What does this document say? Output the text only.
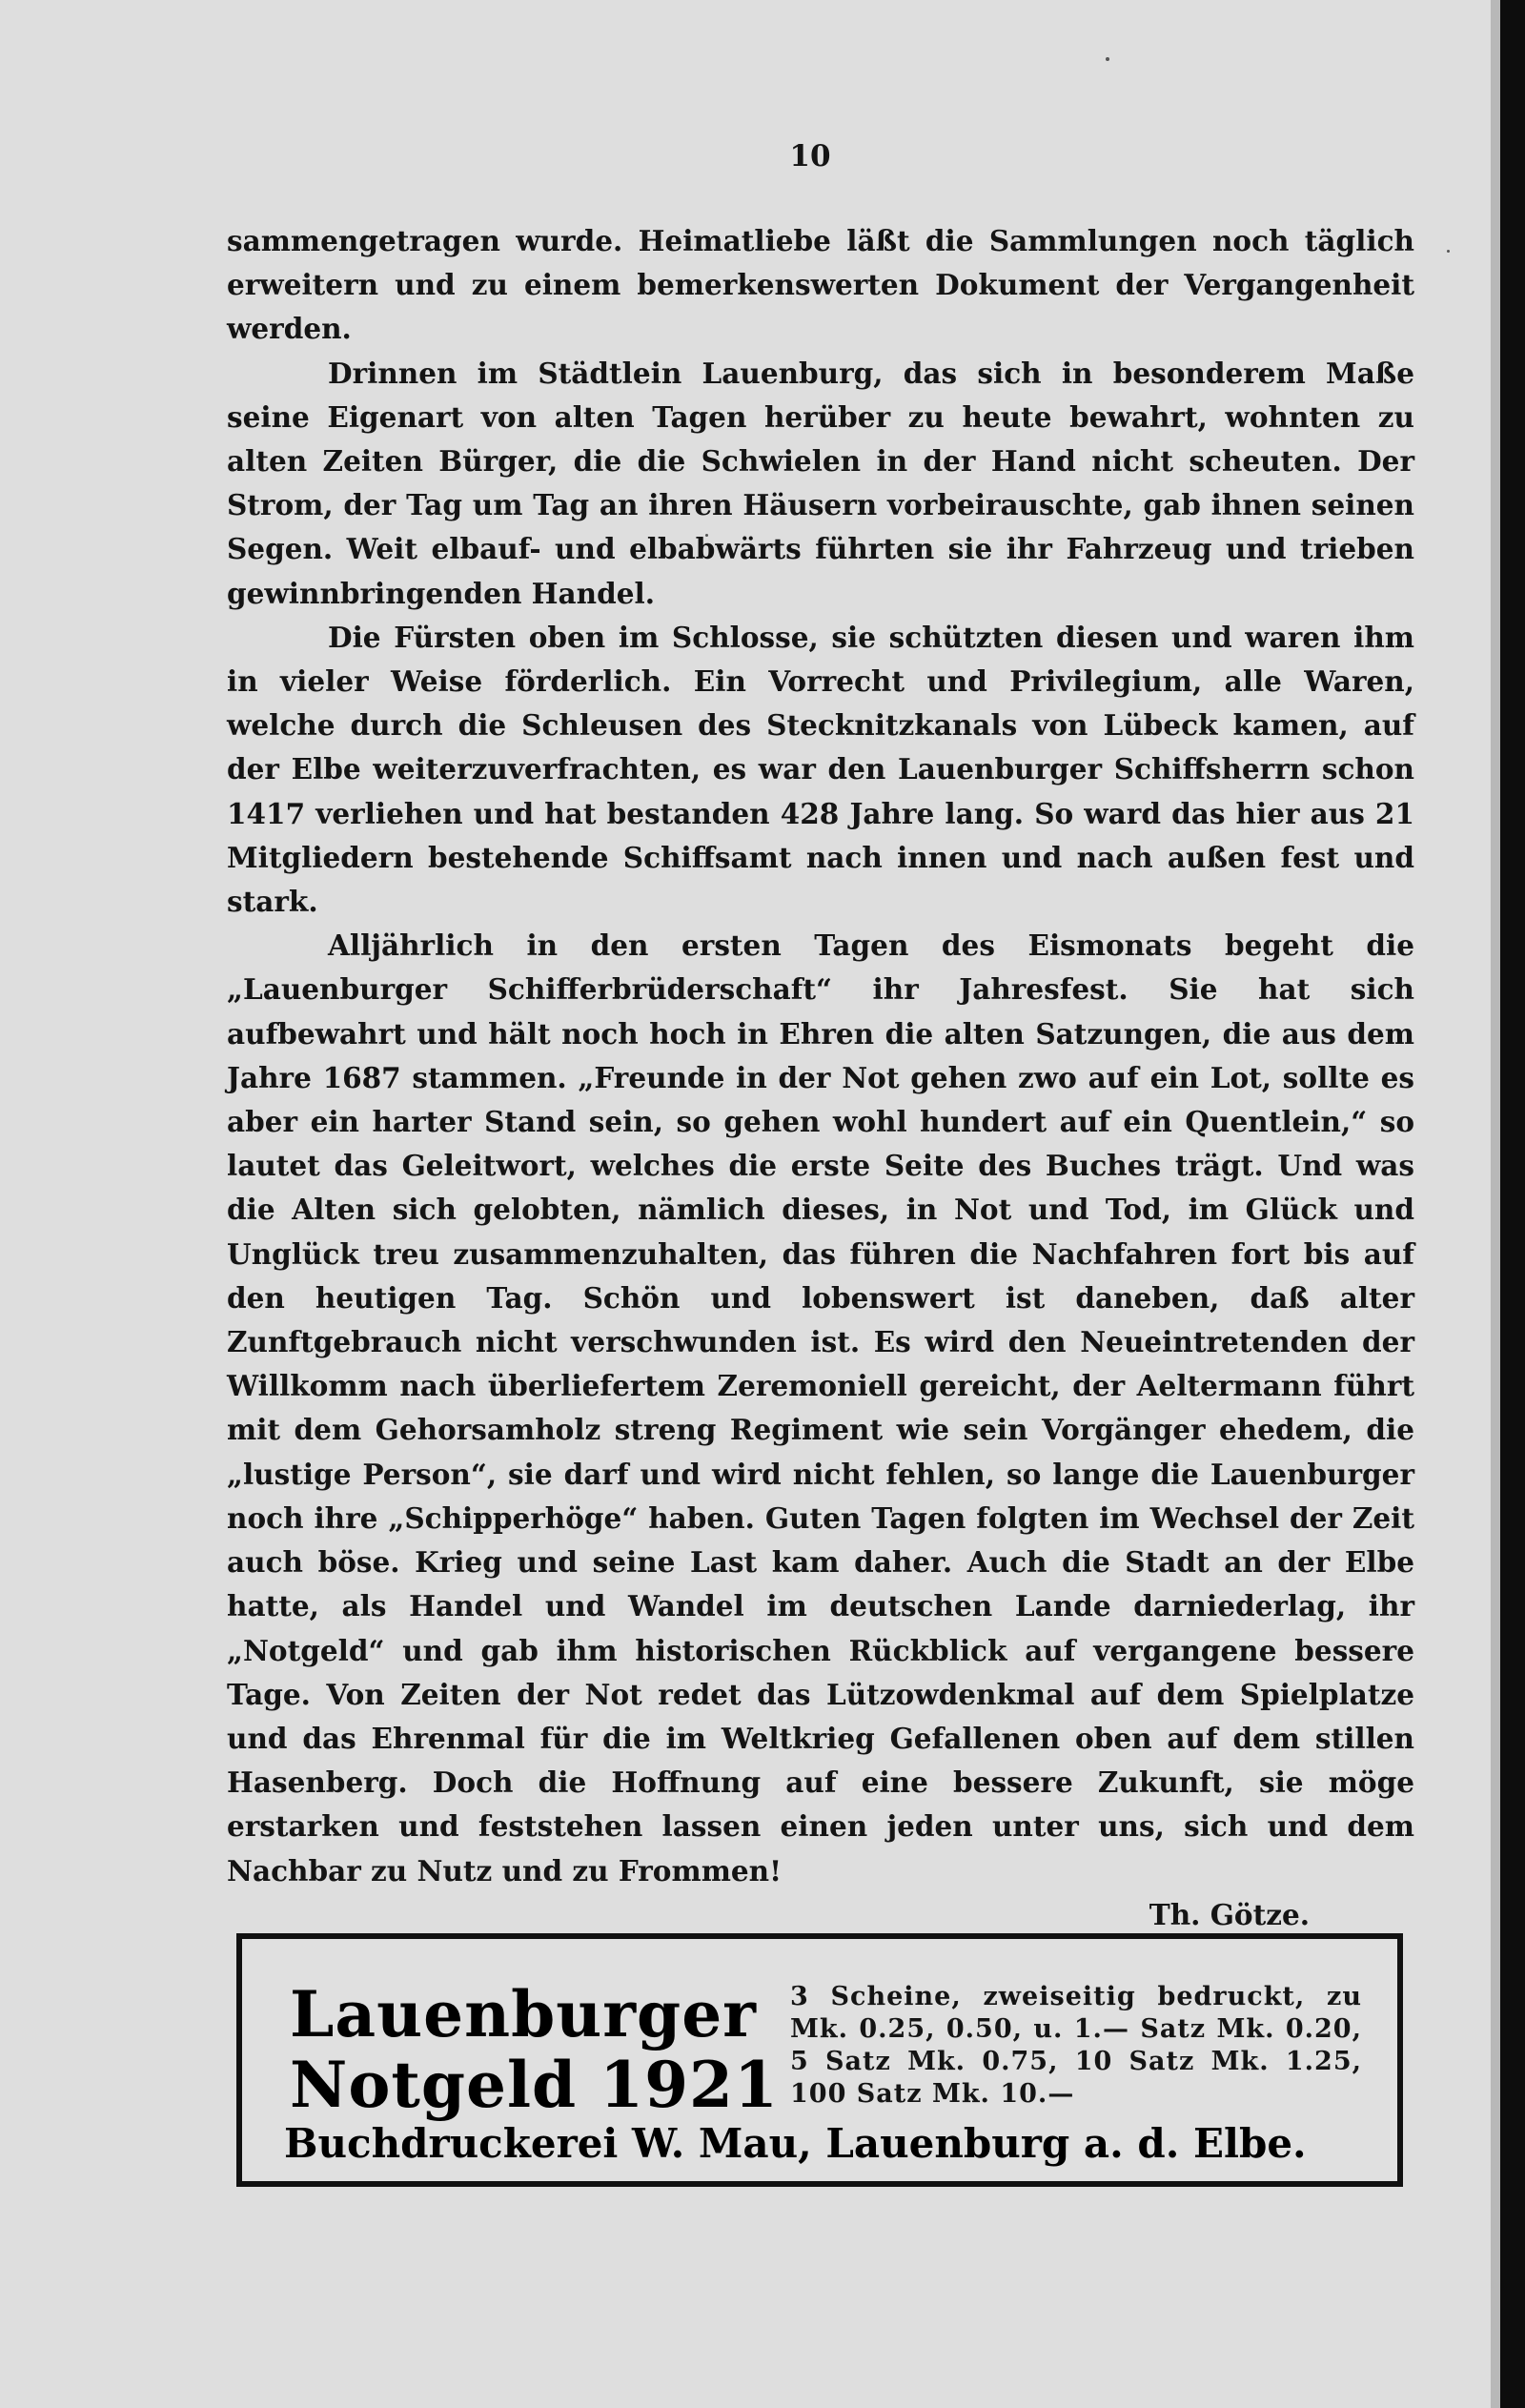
10

sammengetragen wurde. Heimatliebe läßt die Sammlungen noch täglich erweitern und zu einem bemerkenswerten Dokument der Vergangenheit werden.

Drinnen im Städtlein Lauenburg, das sich in besonderem Maße seine Eigenart von alten Tagen herüber zu heute bewahrt, wohnten zu alten Zeiten Bürger, die die Schwielen in der Hand nicht scheuten. Der Strom, der Tag um Tag an ihren Häusern vorbeirauschte, gab ihnen seinen Segen. Weit elbauf- und elbabwärts führten sie ihr Fahrzeug und trieben gewinnbringenden Handel.

Die Fürsten oben im Schlosse, sie schützten diesen und waren ihm in vieler Weise förderlich. Ein Vorrecht und Privilegium, alle Waren, welche durch die Schleusen des Stecknitzkanals von Lübeck kamen, auf der Elbe weiterzuverfrachten, es war den Lauenburger Schiffsherrn schon 1417 verliehen und hat bestanden 428 Jahre lang. So ward das hier aus 21 Mitgliedern bestehende Schiffsamt nach innen und nach außen fest und stark.

Alljährlich in den ersten Tagen des Eismonats begeht die „Lauenburger Schifferbrüderschaft“ ihr Jahresfest. Sie hat sich aufbewahrt und hält noch hoch in Ehren die alten Satzungen, die aus dem Jahre 1687 stammen. „Freunde in der Not gehen zwo auf ein Lot, sollte es aber ein harter Stand sein, so gehen wohl hundert auf ein Quentlein,“ so lautet das Geleitwort, welches die erste Seite des Buches trägt. Und was die Alten sich gelobten, nämlich dieses, in Not und Tod, im Glück und Unglück treu zusammenzuhalten, das führen die Nachfahren fort bis auf den heutigen Tag. Schön und lobenswert ist daneben, daß alter Zunftgebrauch nicht verschwunden ist. Es wird den Neueintretenden der Willkomm nach überliefertem Zeremoniell gereicht, der Aeltermann führt mit dem Gehorsamholz streng Regiment wie sein Vorgänger ehedem, die „lustige Person“, sie darf und wird nicht fehlen, so lange die Lauenburger noch ihre „Schipperhöge“ haben. Guten Tagen folgten im Wechsel der Zeit auch böse. Krieg und seine Last kam daher. Auch die Stadt an der Elbe hatte, als Handel und Wandel im deutschen Lande darniederlag, ihr „Notgeld“ und gab ihm historischen Rückblick auf vergangene bessere Tage. Von Zeiten der Not redet das Lützowdenkmal auf dem Spielplatze und das Ehrenmal für die im Weltkrieg Gefallenen oben auf dem stillen Hasenberg. Doch die Hoffnung auf eine bessere Zukunft, sie möge erstarken und feststehen lassen einen jeden unter uns, sich und dem Nachbar zu Nutz und zu Frommen!

Th. Götze.

Lauenburger
Notgeld 1921
3 Scheine, zweiseitig bedruckt, zu Mk. 0.25, 0.50, u. 1.— Satz Mk. 0.20, 5 Satz Mk. 0.75, 10 Satz Mk. 1.25, 100 Satz Mk. 10.—
Buchdruckerei W. Mau, Lauenburg a. d. Elbe.
